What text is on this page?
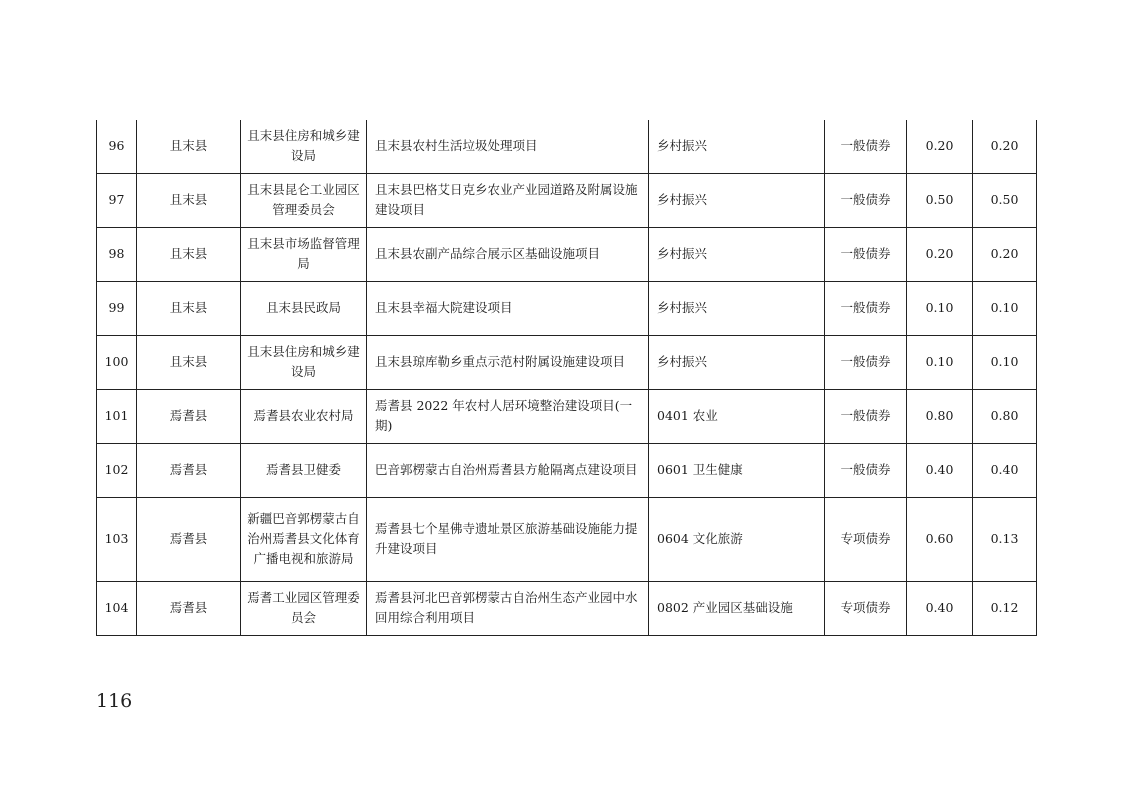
96	且末县	且末县住房和城乡建设局	且末县农村生活垃圾处理项目	乡村振兴	一般债券	0.20	0.20
97	且末县	且末县昆仑工业园区管理委员会	且末县巴格艾日克乡农业产业园道路及附属设施建设项目	乡村振兴	一般债券	0.50	0.50
98	且末县	且末县市场监督管理局	且末县农副产品综合展示区基础设施项目	乡村振兴	一般债券	0.20	0.20
99	且末县	且末县民政局	且末县幸福大院建设项目	乡村振兴	一般债券	0.10	0.10
100	且末县	且末县住房和城乡建设局	且末县琼库勒乡重点示范村附属设施建设项目	乡村振兴	一般债券	0.10	0.10
101	焉耆县	焉耆县农业农村局	焉耆县 2022 年农村人居环境整治建设项目(一期)	0401 农业	一般债券	0.80	0.80
102	焉耆县	焉耆县卫健委	巴音郭楞蒙古自治州焉耆县方舱隔离点建设项目	0601 卫生健康	一般债券	0.40	0.40
103	焉耆县	新疆巴音郭楞蒙古自治州焉耆县文化体育广播电视和旅游局	焉耆县七个星佛寺遗址景区旅游基础设施能力提升建设项目	0604 文化旅游	专项债券	0.60	0.13
104	焉耆县	焉耆工业园区管理委员会	焉耆县河北巴音郭楞蒙古自治州生态产业园中水回用综合利用项目	0802 产业园区基础设施	专项债券	0.40	0.12
116
